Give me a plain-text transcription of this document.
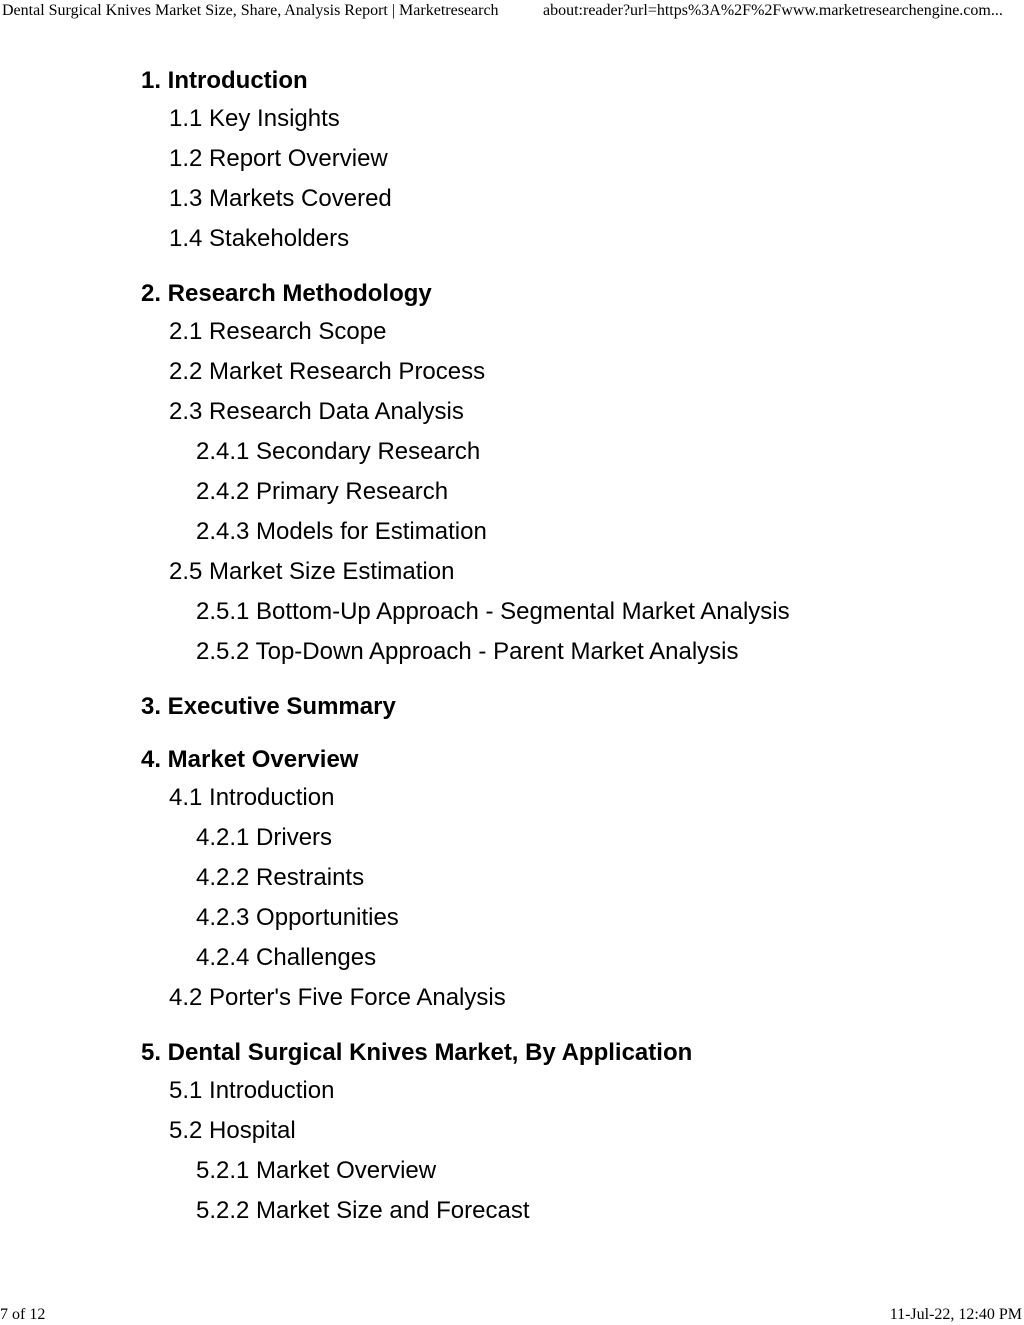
Dental Surgical Knives Market Size, Share, Analysis Report | Marketresearch	about:reader?url=https%3A%2F%2Fwww.marketresearchengine.com...
1. Introduction
1.1 Key Insights
1.2 Report Overview
1.3 Markets Covered
1.4 Stakeholders
2. Research Methodology
2.1 Research Scope
2.2 Market Research Process
2.3 Research Data Analysis
2.4.1 Secondary Research
2.4.2 Primary Research
2.4.3 Models for Estimation
2.5 Market Size Estimation
2.5.1 Bottom-Up Approach - Segmental Market Analysis
2.5.2 Top-Down Approach - Parent Market Analysis
3. Executive Summary
4. Market Overview
4.1 Introduction
4.2.1 Drivers
4.2.2 Restraints
4.2.3 Opportunities
4.2.4 Challenges
4.2 Porter's Five Force Analysis
5. Dental Surgical Knives Market, By Application
5.1 Introduction
5.2 Hospital
5.2.1 Market Overview
5.2.2 Market Size and Forecast
7 of 12	11-Jul-22, 12:40 PM
